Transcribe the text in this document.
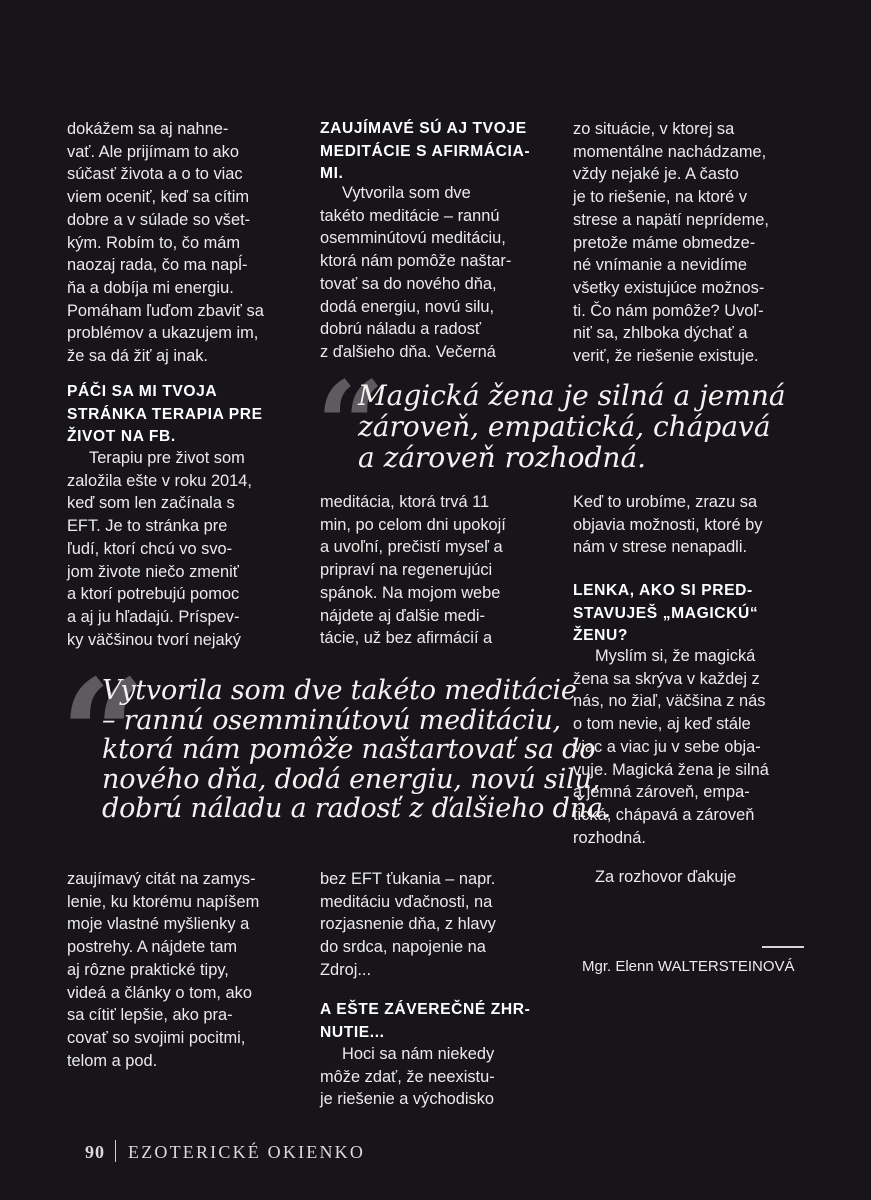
dokážem sa aj nahne-
vať. Ale prijímam to ako
súčasť života a o to viac
viem oceniť, keď sa cítim
dobre a v súlade so všet-
kým. Robím to, čo mám
naozaj rada, čo ma napĺ-
ňa a dobíja mi energiu.
Pomáham ľuďom zbaviť sa
problémov a ukazujem im,
že sa dá žiť aj inak.

PÁČI SA MI TVOJA
STRÁNKA TERAPIA PRE
ŽIVOT NA FB.
Terapiu pre život som
založila ešte v roku 2014,
keď som len začínala s
EFT. Je to stránka pre
ľudí, ktorí chcú vo svo-
jom živote niečo zmeniť
a ktorí potrebujú pomoc
a aj ju hľadajú. Príspev-
ky väčšinou tvorí nejaký
ZAUJÍMAVÉ SÚ AJ TVOJE
MEDITÁCIE S AFIRMÁCIA-
MI.
Vytvorila som dve
takéto meditácie – rannú
osemminútovú meditáciu,
ktorá nám pomôže naštar-
tovať sa do nového dňa,
dodá energiu, novú silu,
dobrú náladu a radosť
z ďalšieho dňa. Večerná
zo situácie, v ktorej sa
momentálne nachádzame,
vždy nejaké je. A často
je to riešenie, na ktoré v
strese a napätí neprídeme,
pretože máme obmedze-
né vnímanie a nevidíme
všetky existujúce možnos-
ti. Čo nám pomôže? Uvoľ-
niť sa, zhlboka dýchať a
veriť, že riešenie existuje.
“
Magická žena je silná a jemná
zároveň, empatická, chápavá
a zároveň rozhodná.
meditácia, ktorá trvá 11
min, po celom dni upokojí
a uvoľní, prečistí myseľ a
pripraví na regenerujúci
spánok. Na mojom webe
nájdete aj ďalšie medi-
tácie, už bez afirmácií a
Keď to urobíme, zrazu sa
objavia možnosti, ktoré by
nám v strese nenapadli.
LENKA, AKO SI PRED-
STAVUJEŠ „MAGICKÚ“
ŽENU?
Myslím si, že magická
žena sa skrýva v každej z
nás, no žiaľ, väčšina z nás
o tom nevie, aj keď stále
viac a viac ju v sebe obja-
vuje. Magická žena je silná
a jemná zároveň, empa-
tická, chápavá a zároveň
rozhodná.
Za rozhovor ďakuje
“
Vytvorila som dve takéto meditácie
– rannú osemminútovú meditáciu,
ktorá nám pomôže naštartovať sa do
nového dňa, dodá energiu, novú silu,
dobrú náladu a radosť z ďalšieho dňa.
zaujímavý citát na zamys-
lenie, ku ktorému napíšem
moje vlastné myšlienky a
postrehy. A nájdete tam
aj rôzne praktické tipy,
videá a články o tom, ako
sa cítiť lepšie, ako pra-
covať so svojimi pocitmi,
telom a pod.
bez EFT ťukania – napr.
meditáciu vďačnosti, na
rozjasnenie dňa, z hlavy
do srdca, napojenie na
Zdroj...
A EŠTE ZÁVEREČNÉ ZHR-
NUTIE...
Hoci sa nám niekedy
môže zdať, že neexistu-
je riešenie a východisko
Mgr. Elenn WALTERSTEINOVÁ
90 EZOTERICKÉ OKIENKO
